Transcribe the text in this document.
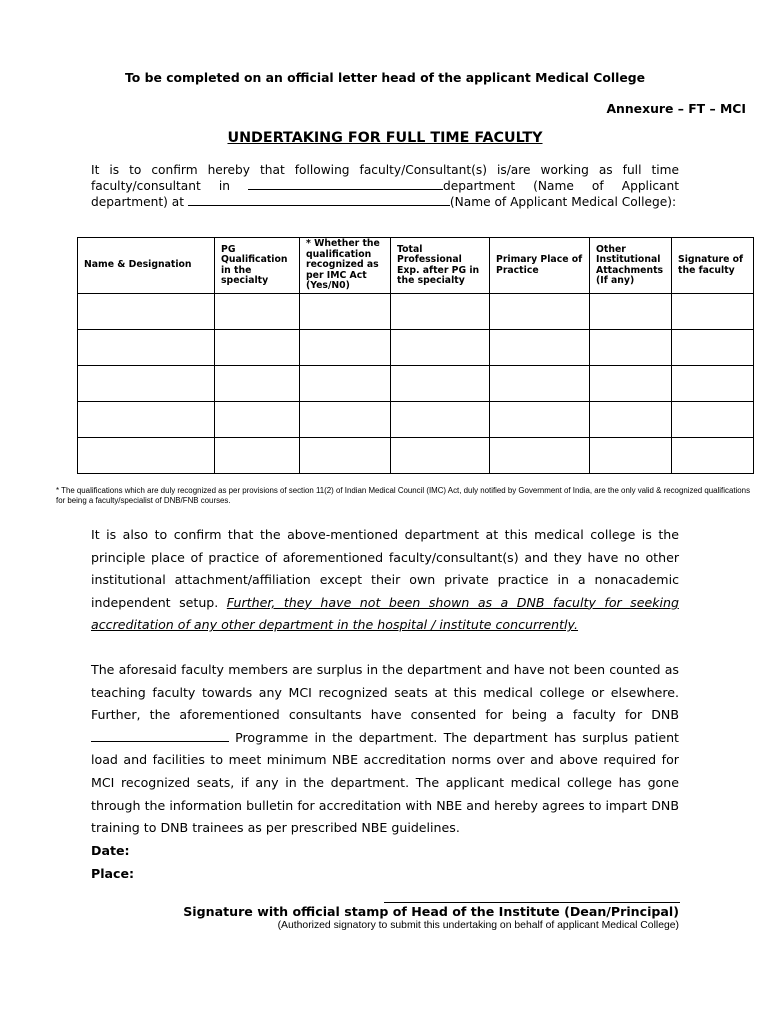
To be completed on an official letter head of the applicant Medical College
Annexure – FT – MCI
UNDERTAKING FOR FULL TIME FACULTY
It is to confirm hereby that following faculty/Consultant(s) is/are working as full time faculty/consultant in	department (Name of Applicant department) at	(Name of Applicant Medical College):
Name & Designation	PG Qualification in the specialty	* Whether the qualification recognized as per IMC Act (Yes/N0)	Total Professional Exp. after PG in the specialty	Primary Place of Practice	Other Institutional Attachments (If any)	Signature of the faculty

* The qualifications which are duly recognized as per provisions of section 11(2) of Indian Medical Council (IMC) Act, duly notified by Government of India, are the only valid & recognized qualifications for being a faculty/specialist of DNB/FNB courses.
It is also to confirm that the above-mentioned department at this medical college is the principle place of practice of aforementioned faculty/consultant(s) and they have no other institutional attachment/affiliation except their own private practice in a nonacademic independent setup. Further, they have not been shown as a DNB faculty for seeking accreditation of any other department in the hospital / institute concurrently.
The aforesaid faculty members are surplus in the department and have not been counted as teaching faculty towards any MCI recognized seats at this medical college or elsewhere. Further, the aforementioned consultants have consented for being a faculty for DNB  Programme in the department. The department has surplus patient load and facilities to meet minimum NBE accreditation norms over and above required for MCI recognized seats, if any in the department. The applicant medical college has gone through the information bulletin for accreditation with NBE and hereby agrees to impart DNB training to DNB trainees as per prescribed NBE guidelines.
Date:
Place:
Signature with official stamp of Head of the Institute (Dean/Principal)
(Authorized signatory to submit this undertaking on behalf of applicant Medical College)
